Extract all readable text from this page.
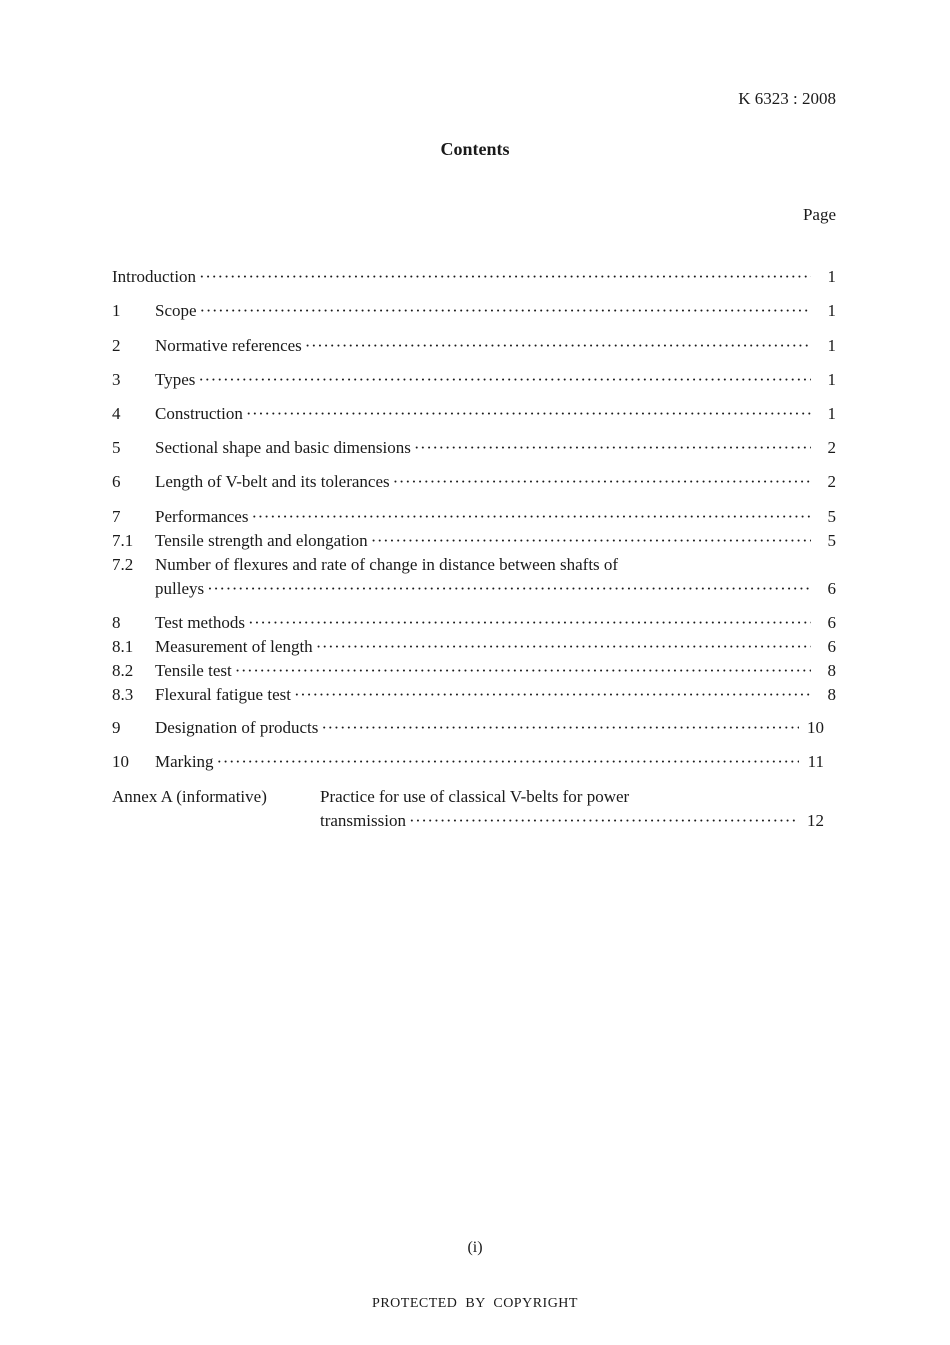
K 6323 : 2008
Contents
Page
Introduction ·····	1
1 Scope ·····	1
2 Normative references ·····	1
3 Types ·····	1
4 Construction ·····	1
5 Sectional shape and basic dimensions ·····	2
6 Length of V-belt and its tolerances ·····	2
7 Performances ·····	5
7.1 Tensile strength and elongation ·····	5
7.2 Number of flexures and rate of change in distance between shafts of
pulleys ·····	6
8 Test methods ·····	6
8.1 Measurement of length ·····	6
8.2 Tensile test ·····	8
8.3 Flexural fatigue test ·····	8
9 Designation of products ·····	10
10 Marking ·····	11
Annex A (informative)	Practice for use of classical V-belts for power
transmission ·····	12
(i)
PROTECTED  BY  COPYRIGHT
